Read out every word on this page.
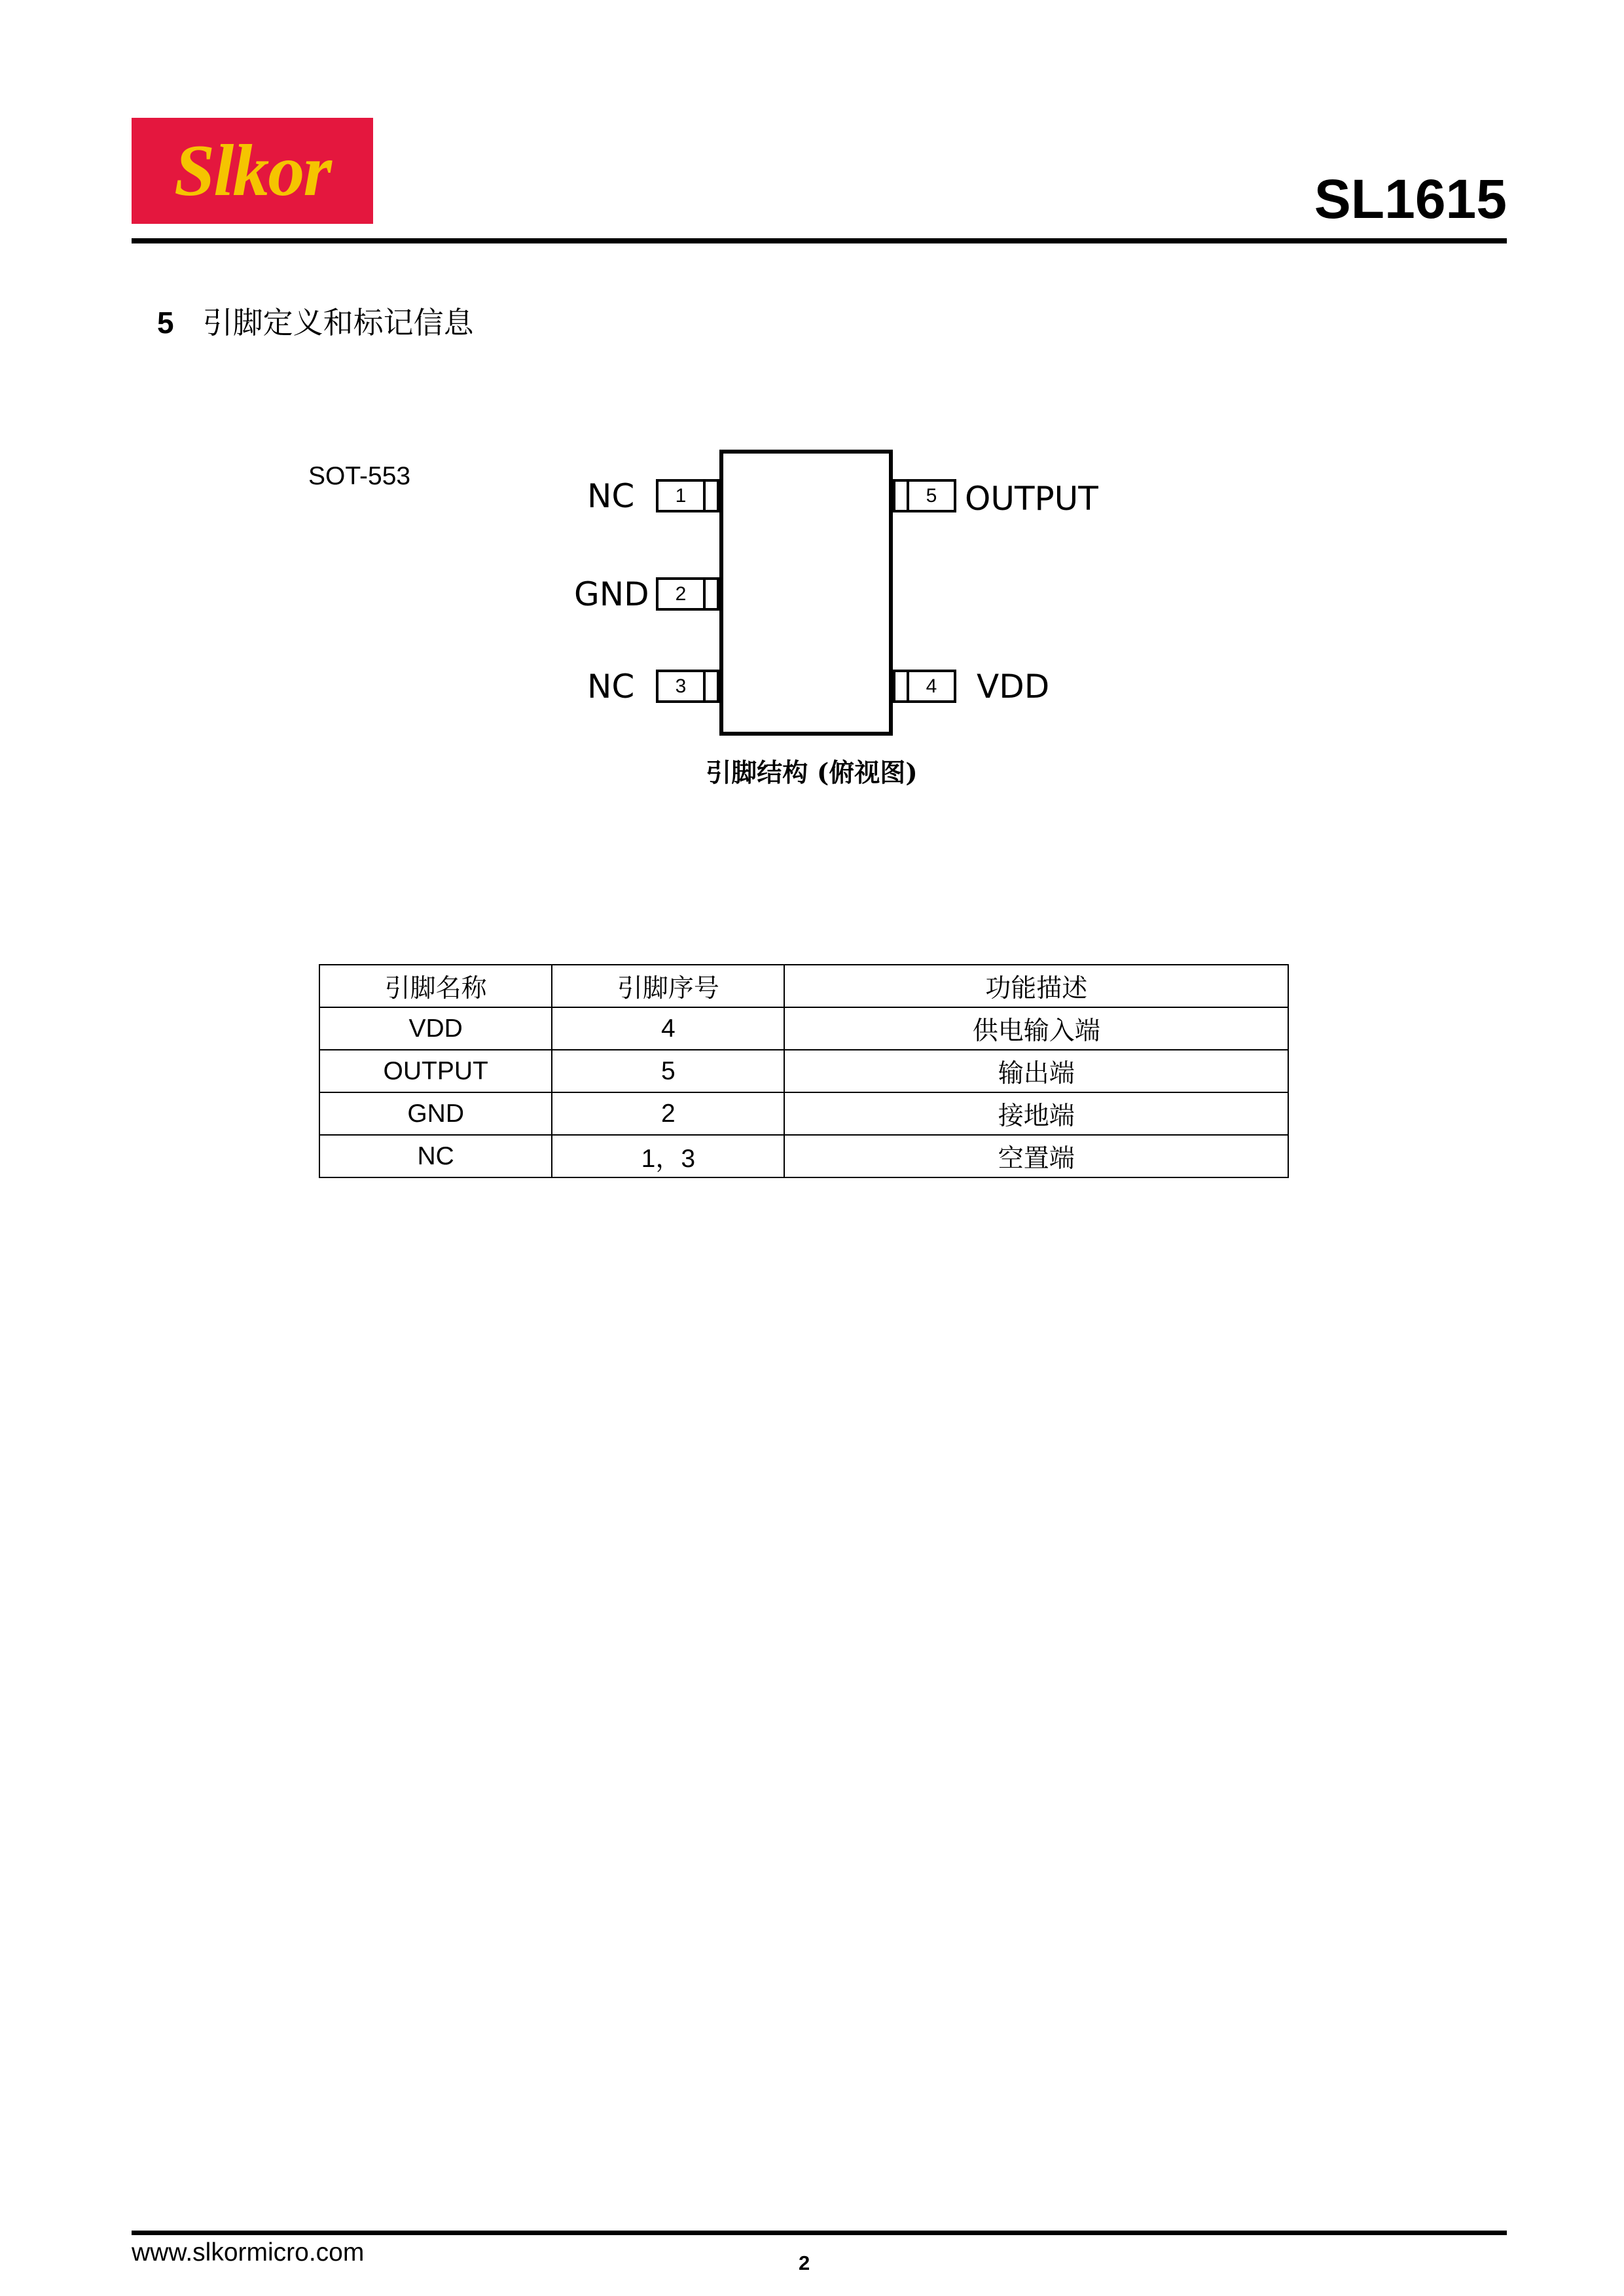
Slkor	SL1615
5 引脚定义和标记信息
SOT-553
1
2
3	4
5
NC
GND
NC	VDD
OUTPUT
引脚结构 (俯视图)
引脚名称	引脚序号	功能描述
VDD	4	供电输入端
OUTPUT	5	输出端
GND	2	接地端
NC	1，3	空置端
www.slkormicro.com	2
